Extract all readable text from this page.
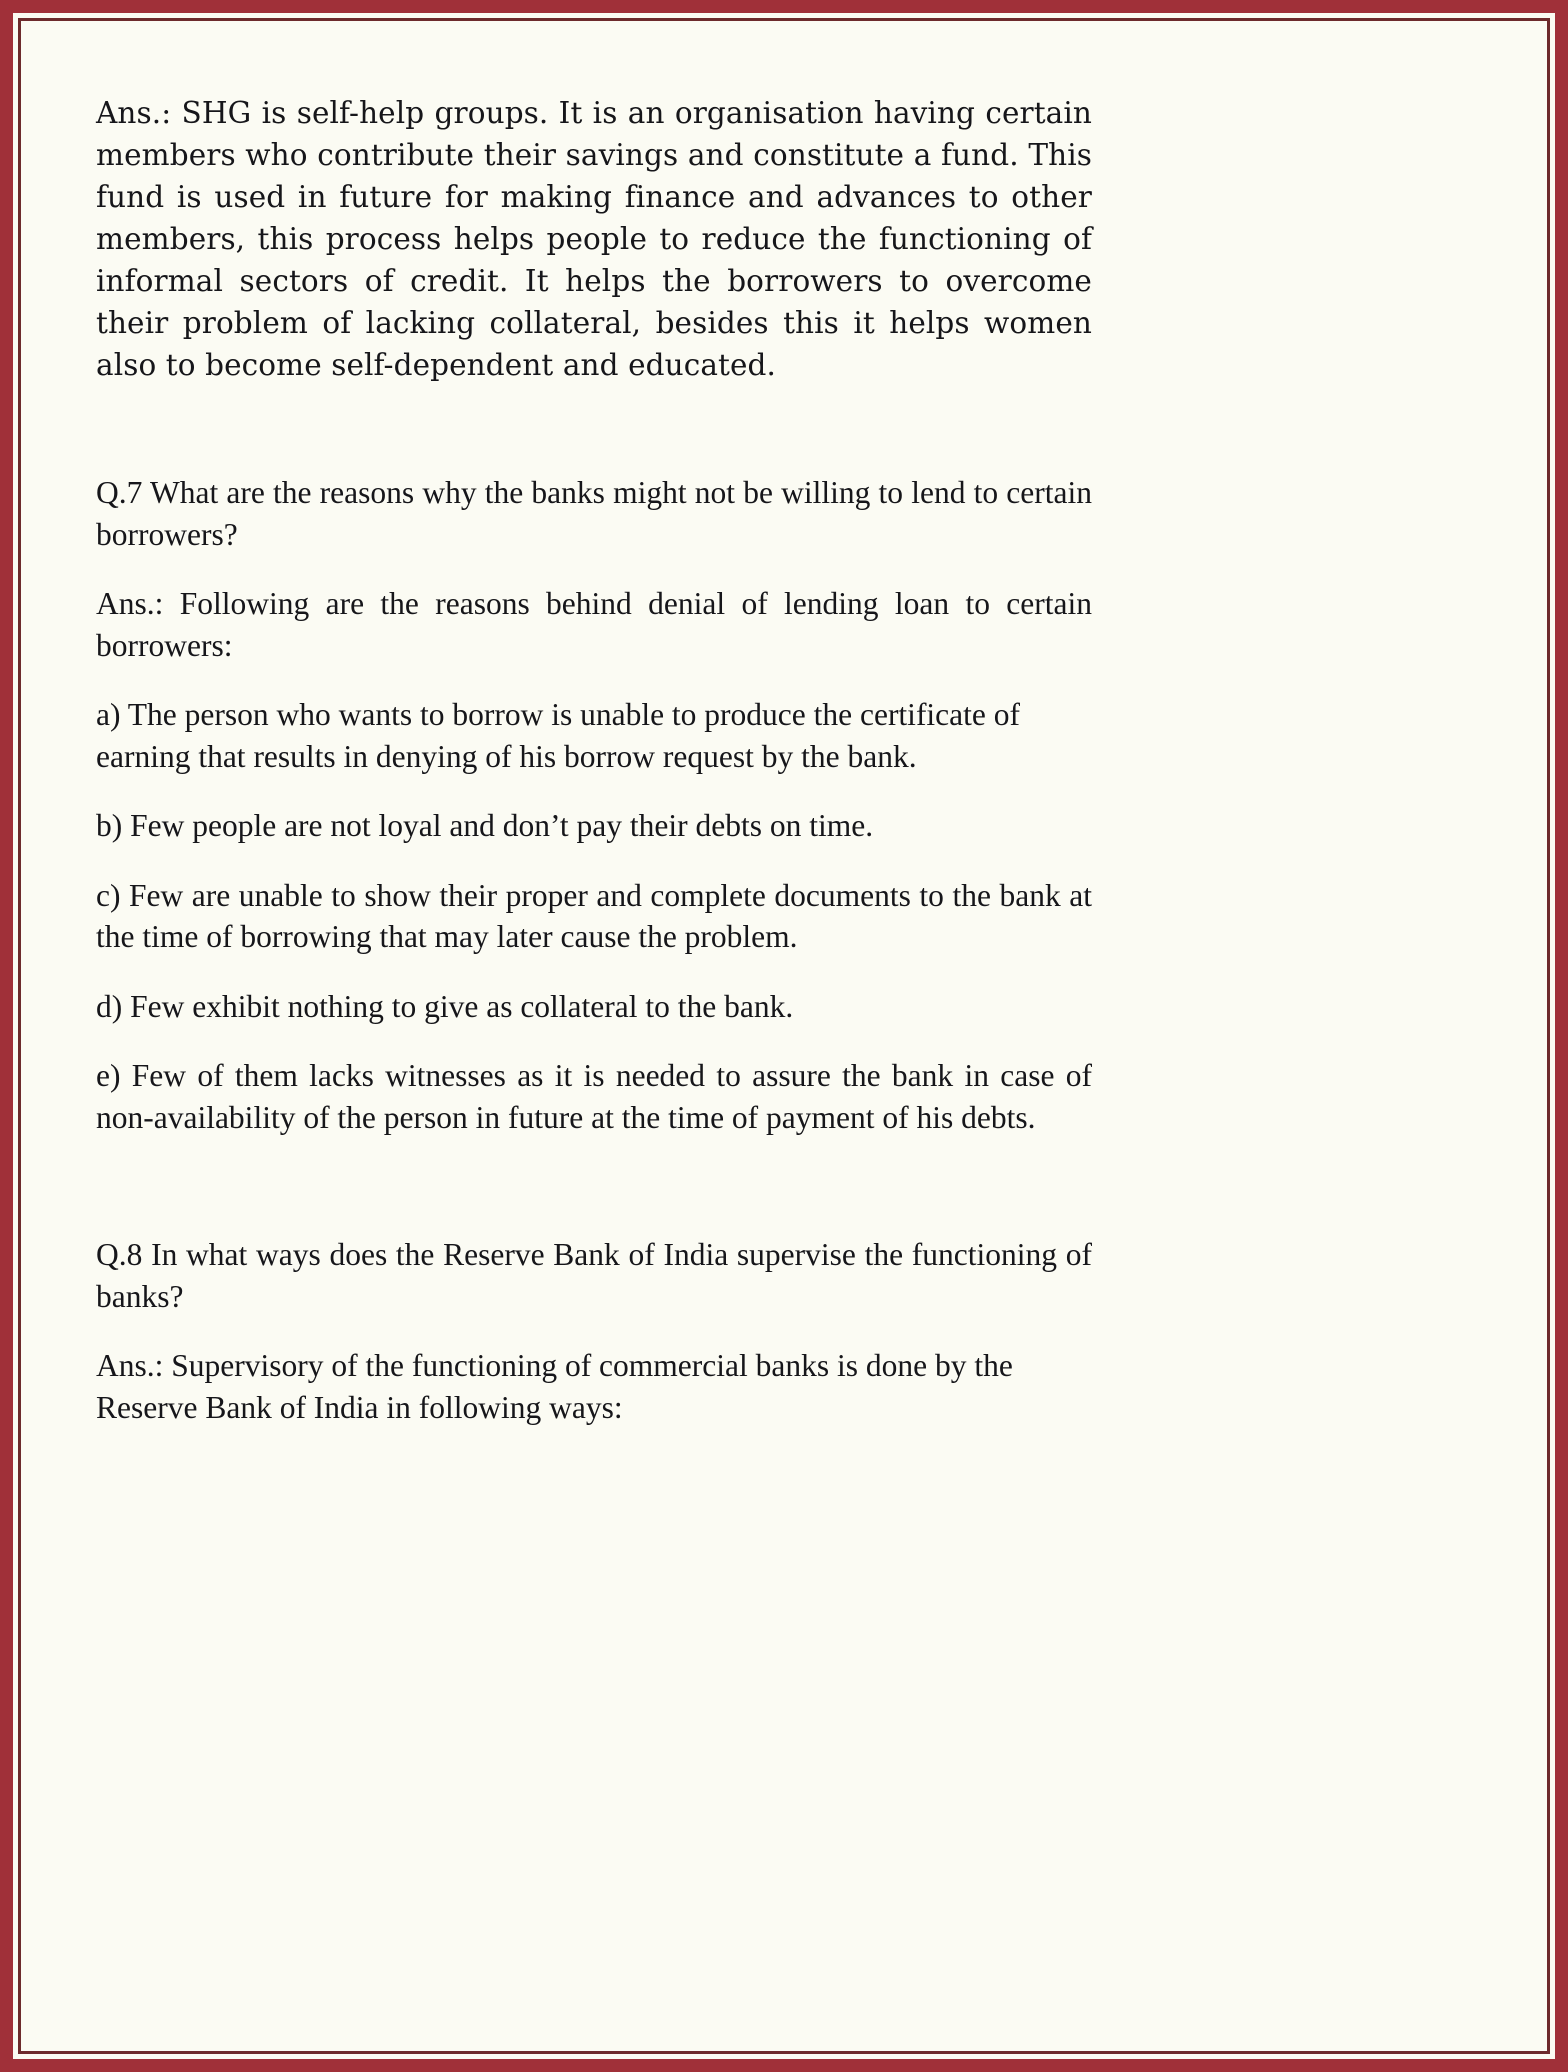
Ans.: SHG is self-help groups. It is an organisation having certain members who contribute their savings and constitute a fund. This fund is used in future for making finance and advances to other members, this process helps people to reduce the functioning of informal sectors of credit. It helps the borrowers to overcome their problem of lacking collateral, besides this it helps women also to become self-dependent and educated.

Q.7 What are the reasons why the banks might not be willing to lend to certain borrowers?

Ans.: Following are the reasons behind denial of lending loan to certain borrowers:

a) The person who wants to borrow is unable to produce the certificate of earning that results in denying of his borrow request by the bank.

b) Few people are not loyal and don’t pay their debts on time.

c) Few are unable to show their proper and complete documents to the bank at the time of borrowing that may later cause the problem.

d) Few exhibit nothing to give as collateral to the bank.

e) Few of them lacks witnesses as it is needed to assure the bank in case of non-availability of the person in future at the time of payment of his debts.

Q.8 In what ways does the Reserve Bank of India supervise the functioning of banks?

Ans.: Supervisory of the functioning of commercial banks is done by the Reserve Bank of India in following ways:
